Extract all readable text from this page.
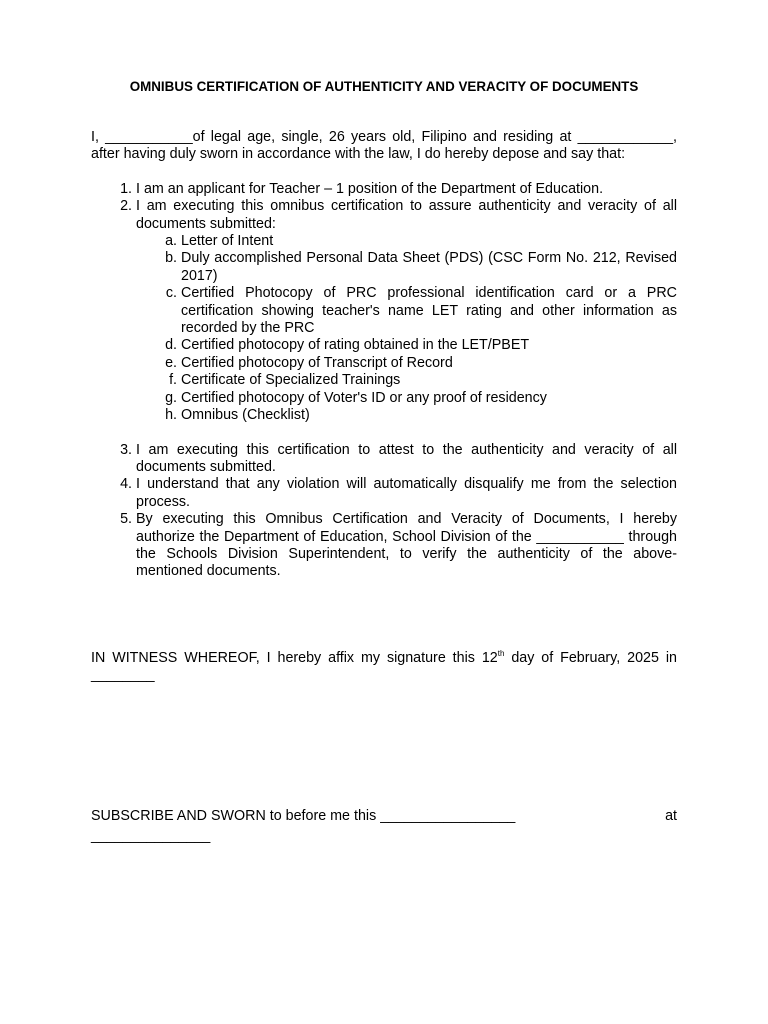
OMNIBUS CERTIFICATION OF AUTHENTICITY AND VERACITY OF DOCUMENTS

I, ___________of legal age, single, 26 years old, Filipino and residing at ____________, after having duly sworn in accordance with the law, I do hereby depose and say that:

1. I am an applicant for Teacher – 1 position of the Department of Education.
2. I am executing this omnibus certification to assure authenticity and veracity of all documents submitted:
a. Letter of Intent
b. Duly accomplished Personal Data Sheet (PDS) (CSC Form No. 212, Revised 2017)
c. Certified Photocopy of PRC professional identification card or a PRC certification showing teacher's name LET rating and other information as recorded by the PRC
d. Certified photocopy of rating obtained in the LET/PBET
e. Certified photocopy of Transcript of Record
f. Certificate of Specialized Trainings
g. Certified photocopy of Voter's ID or any proof of residency
h. Omnibus (Checklist)
3. I am executing this certification to attest to the authenticity and veracity of all documents submitted.
4. I understand that any violation will automatically disqualify me from the selection process.
5. By executing this Omnibus Certification and Veracity of Documents, I hereby authorize the Department of Education, School Division of the ___________ through the Schools Division Superintendent, to verify the authenticity of the above-mentioned documents.
IN WITNESS WHEREOF, I hereby affix my signature this 12th day of February, 2025 in ________
SUBSCRIBE AND SWORN to before me this _________________	at
_______________
